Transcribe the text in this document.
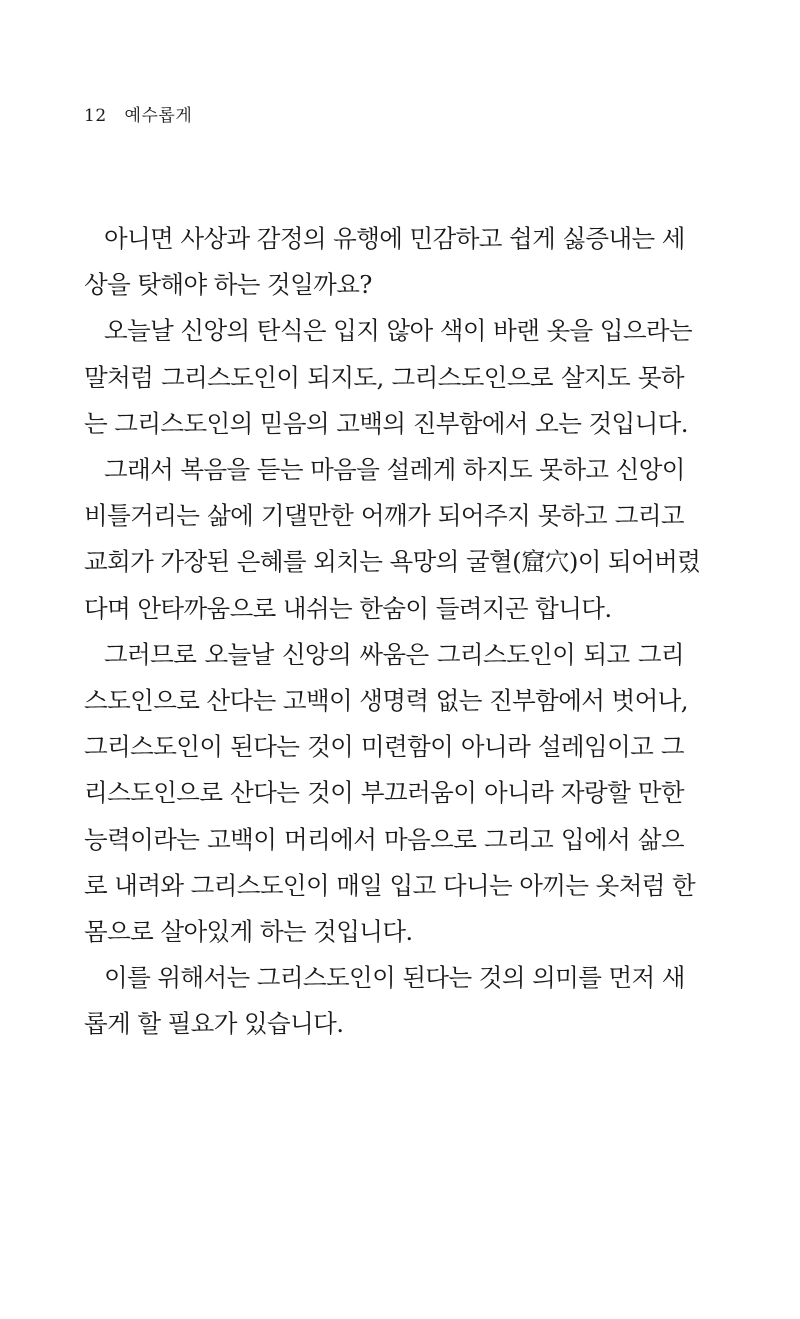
12 예수롭게

아니면 사상과 감정의 유행에 민감하고 쉽게 싫증내는 세
상을 탓해야 하는 것일까요?

오늘날 신앙의 탄식은 입지 않아 색이 바랜 옷을 입으라는
말처럼 그리스도인이 되지도, 그리스도인으로 살지도 못하
는 그리스도인의 믿음의 고백의 진부함에서 오는 것입니다.

그래서 복음을 듣는 마음을 설레게 하지도 못하고 신앙이
비틀거리는 삶에 기댈만한 어깨가 되어주지 못하고 그리고
교회가 가장된 은혜를 외치는 욕망의 굴혈(窟穴)이 되어버렸
다며 안타까움으로 내쉬는 한숨이 들려지곤 합니다.

그러므로 오늘날 신앙의 싸움은 그리스도인이 되고 그리
스도인으로 산다는 고백이 생명력 없는 진부함에서 벗어나,
그리스도인이 된다는 것이 미련함이 아니라 설레임이고 그
리스도인으로 산다는 것이 부끄러움이 아니라 자랑할 만한
능력이라는 고백이 머리에서 마음으로 그리고 입에서 삶으
로 내려와 그리스도인이 매일 입고 다니는 아끼는 옷처럼 한
몸으로 살아있게 하는 것입니다.

이를 위해서는 그리스도인이 된다는 것의 의미를 먼저 새
롭게 할 필요가 있습니다.
